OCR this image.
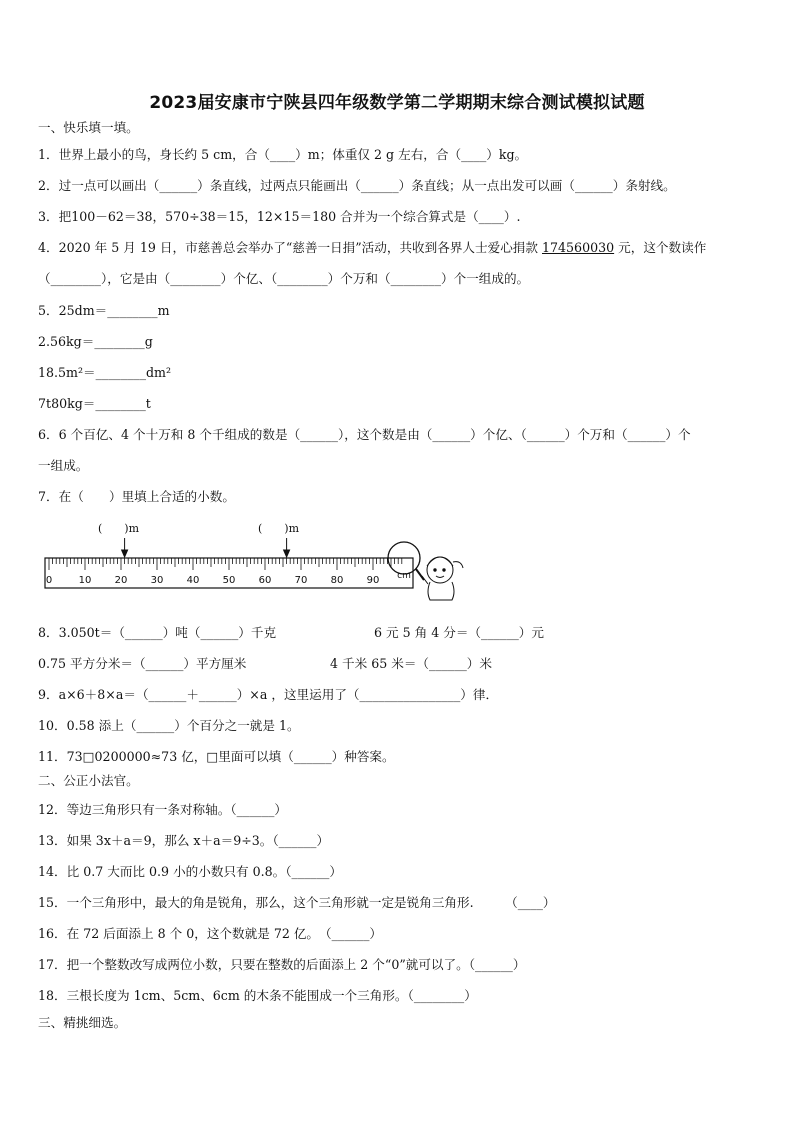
2023届安康市宁陕县四年级数学第二学期期末综合测试模拟试题
一、快乐填一填。
1．世界上最小的鸟，身长约 5 cm，合（____）m；体重仅 2 g 左右，合（____）kg。
2．过一点可以画出（______）条直线，过两点只能画出（______）条直线；从一点出发可以画（______）条射线。
3．把100－62＝38，570÷38＝15，12×15＝180 合并为一个综合算式是（____）.
4．2020 年 5 月 19 日，市慈善总会举办了“慈善一日捐”活动，共收到各界人士爱心捐款 174560030 元，这个数读作
（________），它是由（________）个亿、（________）个万和（________）个一组成的。
5．25dm＝________m
2.56kg＝________g
18.5m²＝________dm²
7t80kg＝________t
6．6 个百亿、4 个十万和 8 个千组成的数是（______），这个数是由（______）个亿、（______）个万和（______）个
一组成。
7．在（　　）里填上合适的小数。
(　　)m	(　　)m
0	10 20 30 40 50 60 70 80 90 cm
8．3.050t＝（______）吨（______）千克	6 元 5 角 4 分＝（______）元
0.75 平方分米＝（______）平方厘米	4 千米 65 米＝（______）米
9．a×6＋8×a＝（______＋______）×a ，这里运用了（________________）律．
10．0.58 添上（______）个百分之一就是 1。
11．73□0200000≈73 亿，□里面可以填（______）种答案。
二、公正小法官。
12．等边三角形只有一条对称轴。（______）
13．如果 3x＋a＝9，那么 x＋a＝9÷3。（______）
14．比 0.7 大而比 0.9 小的小数只有 0.8。（______）
15．一个三角形中，最大的角是锐角，那么，这个三角形就一定是锐角三角形.　　　（____）
16．在 72 后面添上 8 个 0，这个数就是 72 亿。　（______）
17．把一个整数改写成两位小数，只要在整数的后面添上 2 个“0”就可以了。（______）
18．三根长度为 1cm、5cm、6cm 的木条不能围成一个三角形。（________）
三、精挑细选。
